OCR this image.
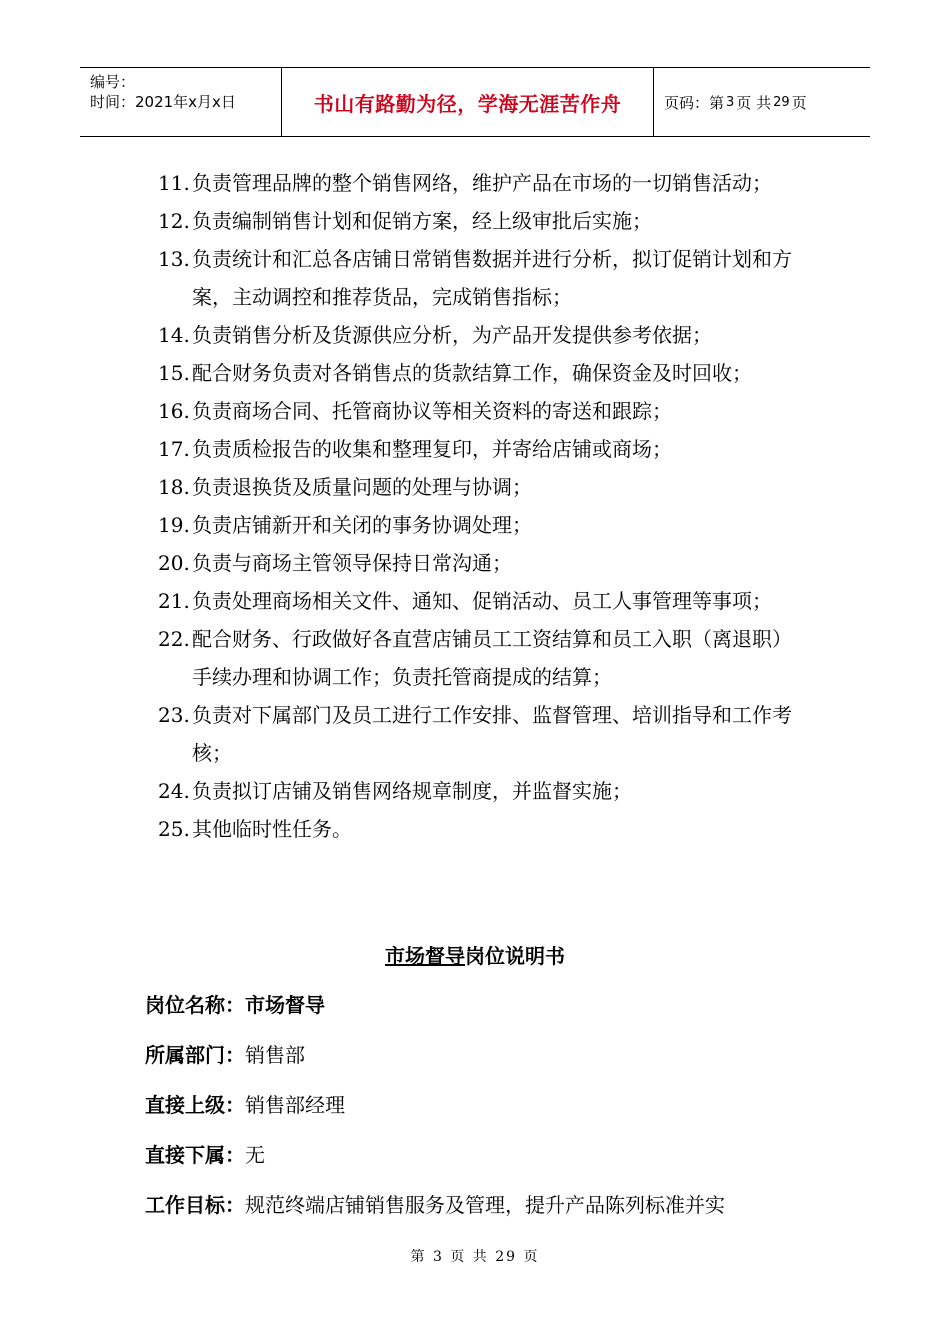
编号：
时间：2021年x月x日	书山有路勤为径，学海无涯苦作舟	页码：第 3 页 共 29 页
11. 负责管理品牌的整个销售网络，维护产品在市场的一切销售活动；
12. 负责编制销售计划和促销方案，经上级审批后实施；
13. 负责统计和汇总各店铺日常销售数据并进行分析，拟订促销计划和方案，主动调控和推荐货品，完成销售指标；
14. 负责销售分析及货源供应分析，为产品开发提供参考依据；
15. 配合财务负责对各销售点的货款结算工作，确保资金及时回收；
16. 负责商场合同、托管商协议等相关资料的寄送和跟踪；
17. 负责质检报告的收集和整理复印，并寄给店铺或商场；
18. 负责退换货及质量问题的处理与协调；
19. 负责店铺新开和关闭的事务协调处理；
20. 负责与商场主管领导保持日常沟通；
21. 负责处理商场相关文件、通知、促销活动、员工人事管理等事项；
22. 配合财务、行政做好各直营店铺员工工资结算和员工入职（离退职）手续办理和协调工作；负责托管商提成的结算；
23. 负责对下属部门及员工进行工作安排、监督管理、培训指导和工作考核；
24. 负责拟订店铺及销售网络规章制度，并监督实施；
25. 其他临时性任务。
市场督导岗位说明书
岗位名称：市场督导
所属部门：销售部
直接上级：销售部经理
直接下属：无
工作目标：规范终端店铺销售服务及管理，提升产品陈列标准并实
第 3 页 共 29 页
